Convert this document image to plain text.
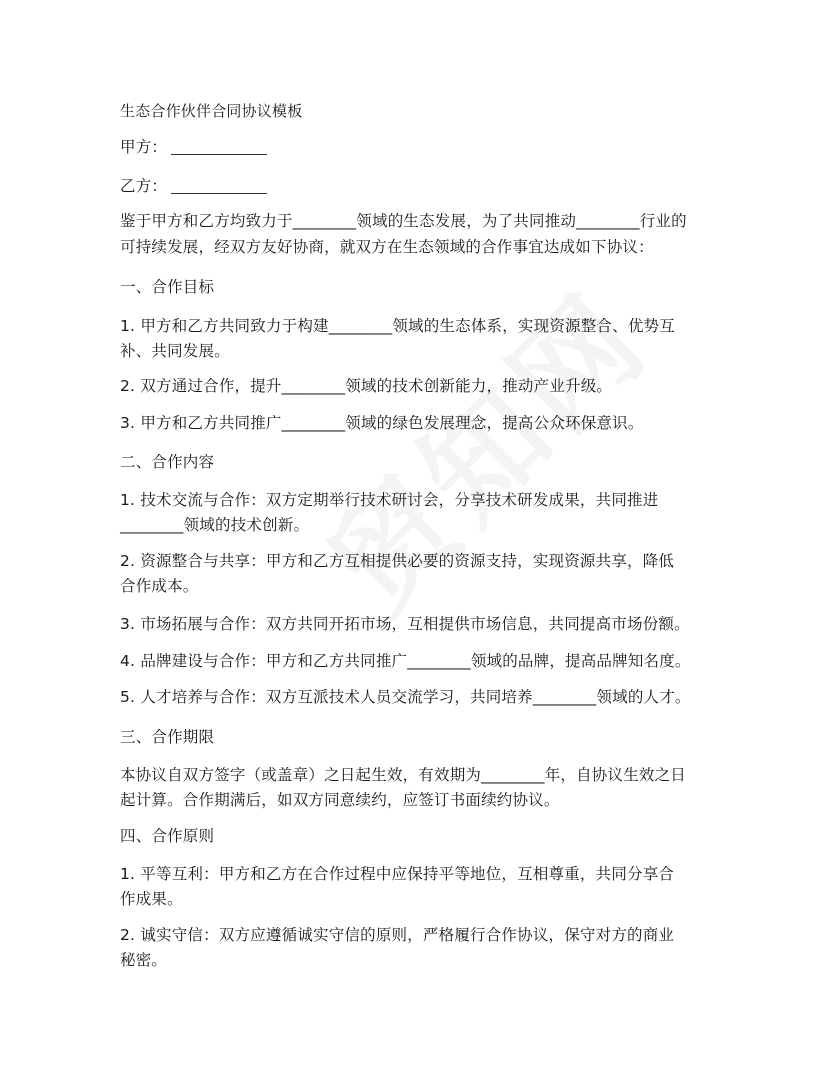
生态合作伙伴合同协议模板
甲方：
乙方：
鉴于甲方和乙方均致力于________领域的生态发展，为了共同推动________行业的
可持续发展，经双方友好协商，就双方在生态领域的合作事宜达成如下协议：
一、合作目标
1. 甲方和乙方共同致力于构建________领域的生态体系，实现资源整合、优势互
补、共同发展。
2. 双方通过合作，提升________领域的技术创新能力，推动产业升级。
3. 甲方和乙方共同推广________领域的绿色发展理念，提高公众环保意识。
二、合作内容
1. 技术交流与合作：双方定期举行技术研讨会，分享技术研发成果，共同推进
________领域的技术创新。
2. 资源整合与共享：甲方和乙方互相提供必要的资源支持，实现资源共享，降低
合作成本。
3. 市场拓展与合作：双方共同开拓市场，互相提供市场信息，共同提高市场份额。
4. 品牌建设与合作：甲方和乙方共同推广________领域的品牌，提高品牌知名度。
5. 人才培养与合作：双方互派技术人员交流学习，共同培养________领域的人才。
三、合作期限
本协议自双方签字（或盖章）之日起生效，有效期为________年，自协议生效之日
起计算。合作期满后，如双方同意续约，应签订书面续约协议。
四、合作原则
1. 平等互利：甲方和乙方在合作过程中应保持平等地位，互相尊重，共同分享合
作成果。
2. 诚实守信：双方应遵循诚实守信的原则，严格履行合作协议，保守对方的商业
秘密。
